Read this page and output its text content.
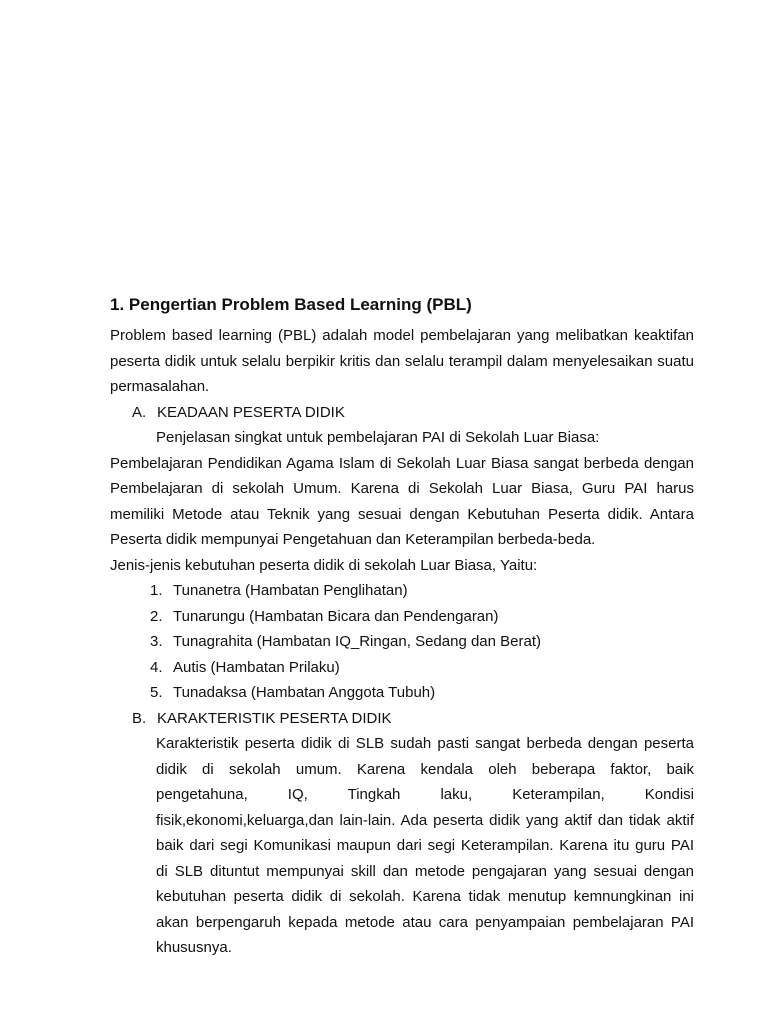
1. Pengertian Problem Based Learning (PBL)

Problem based learning (PBL) adalah model pembelajaran yang melibatkan keaktifan peserta didik untuk selalu berpikir kritis dan selalu terampil dalam menyelesaikan suatu permasalahan.

A. KEADAAN PESERTA DIDIK

Penjelasan singkat untuk pembelajaran PAI di Sekolah Luar Biasa:

Pembelajaran Pendidikan Agama Islam di Sekolah Luar Biasa sangat berbeda dengan Pembelajaran di sekolah Umum. Karena di Sekolah Luar Biasa, Guru PAI harus memiliki Metode atau Teknik yang sesuai dengan Kebutuhan Peserta didik. Antara Peserta didik mempunyai Pengetahuan dan Keterampilan berbeda-beda.

Jenis-jenis kebutuhan peserta didik di sekolah Luar Biasa, Yaitu:

1. Tunanetra (Hambatan Penglihatan)
2. Tunarungu (Hambatan Bicara dan Pendengaran)
3. Tunagrahita (Hambatan IQ_Ringan, Sedang dan Berat)
4. Autis (Hambatan Prilaku)
5. Tunadaksa (Hambatan Anggota Tubuh)
B. KARAKTERISTIK PESERTA DIDIK
Karakteristik peserta didik di SLB sudah pasti sangat berbeda dengan peserta
didik di sekolah umum. Karena kendala oleh beberapa faktor, baik
pengetahuna, IQ, Tingkah laku, Keterampilan, Kondisi
fisik,ekonomi,keluarga,dan lain-lain. Ada peserta didik yang aktif dan tidak aktif
baik dari segi Komunikasi maupun dari segi Keterampilan. Karena itu guru PAI
di SLB dituntut mempunyai skill dan metode pengajaran yang sesuai dengan
kebutuhan peserta didik di sekolah. Karena tidak menutup kemnungkinan ini
akan berpengaruh kepada metode atau cara penyampaian pembelajaran PAI
khususnya.
